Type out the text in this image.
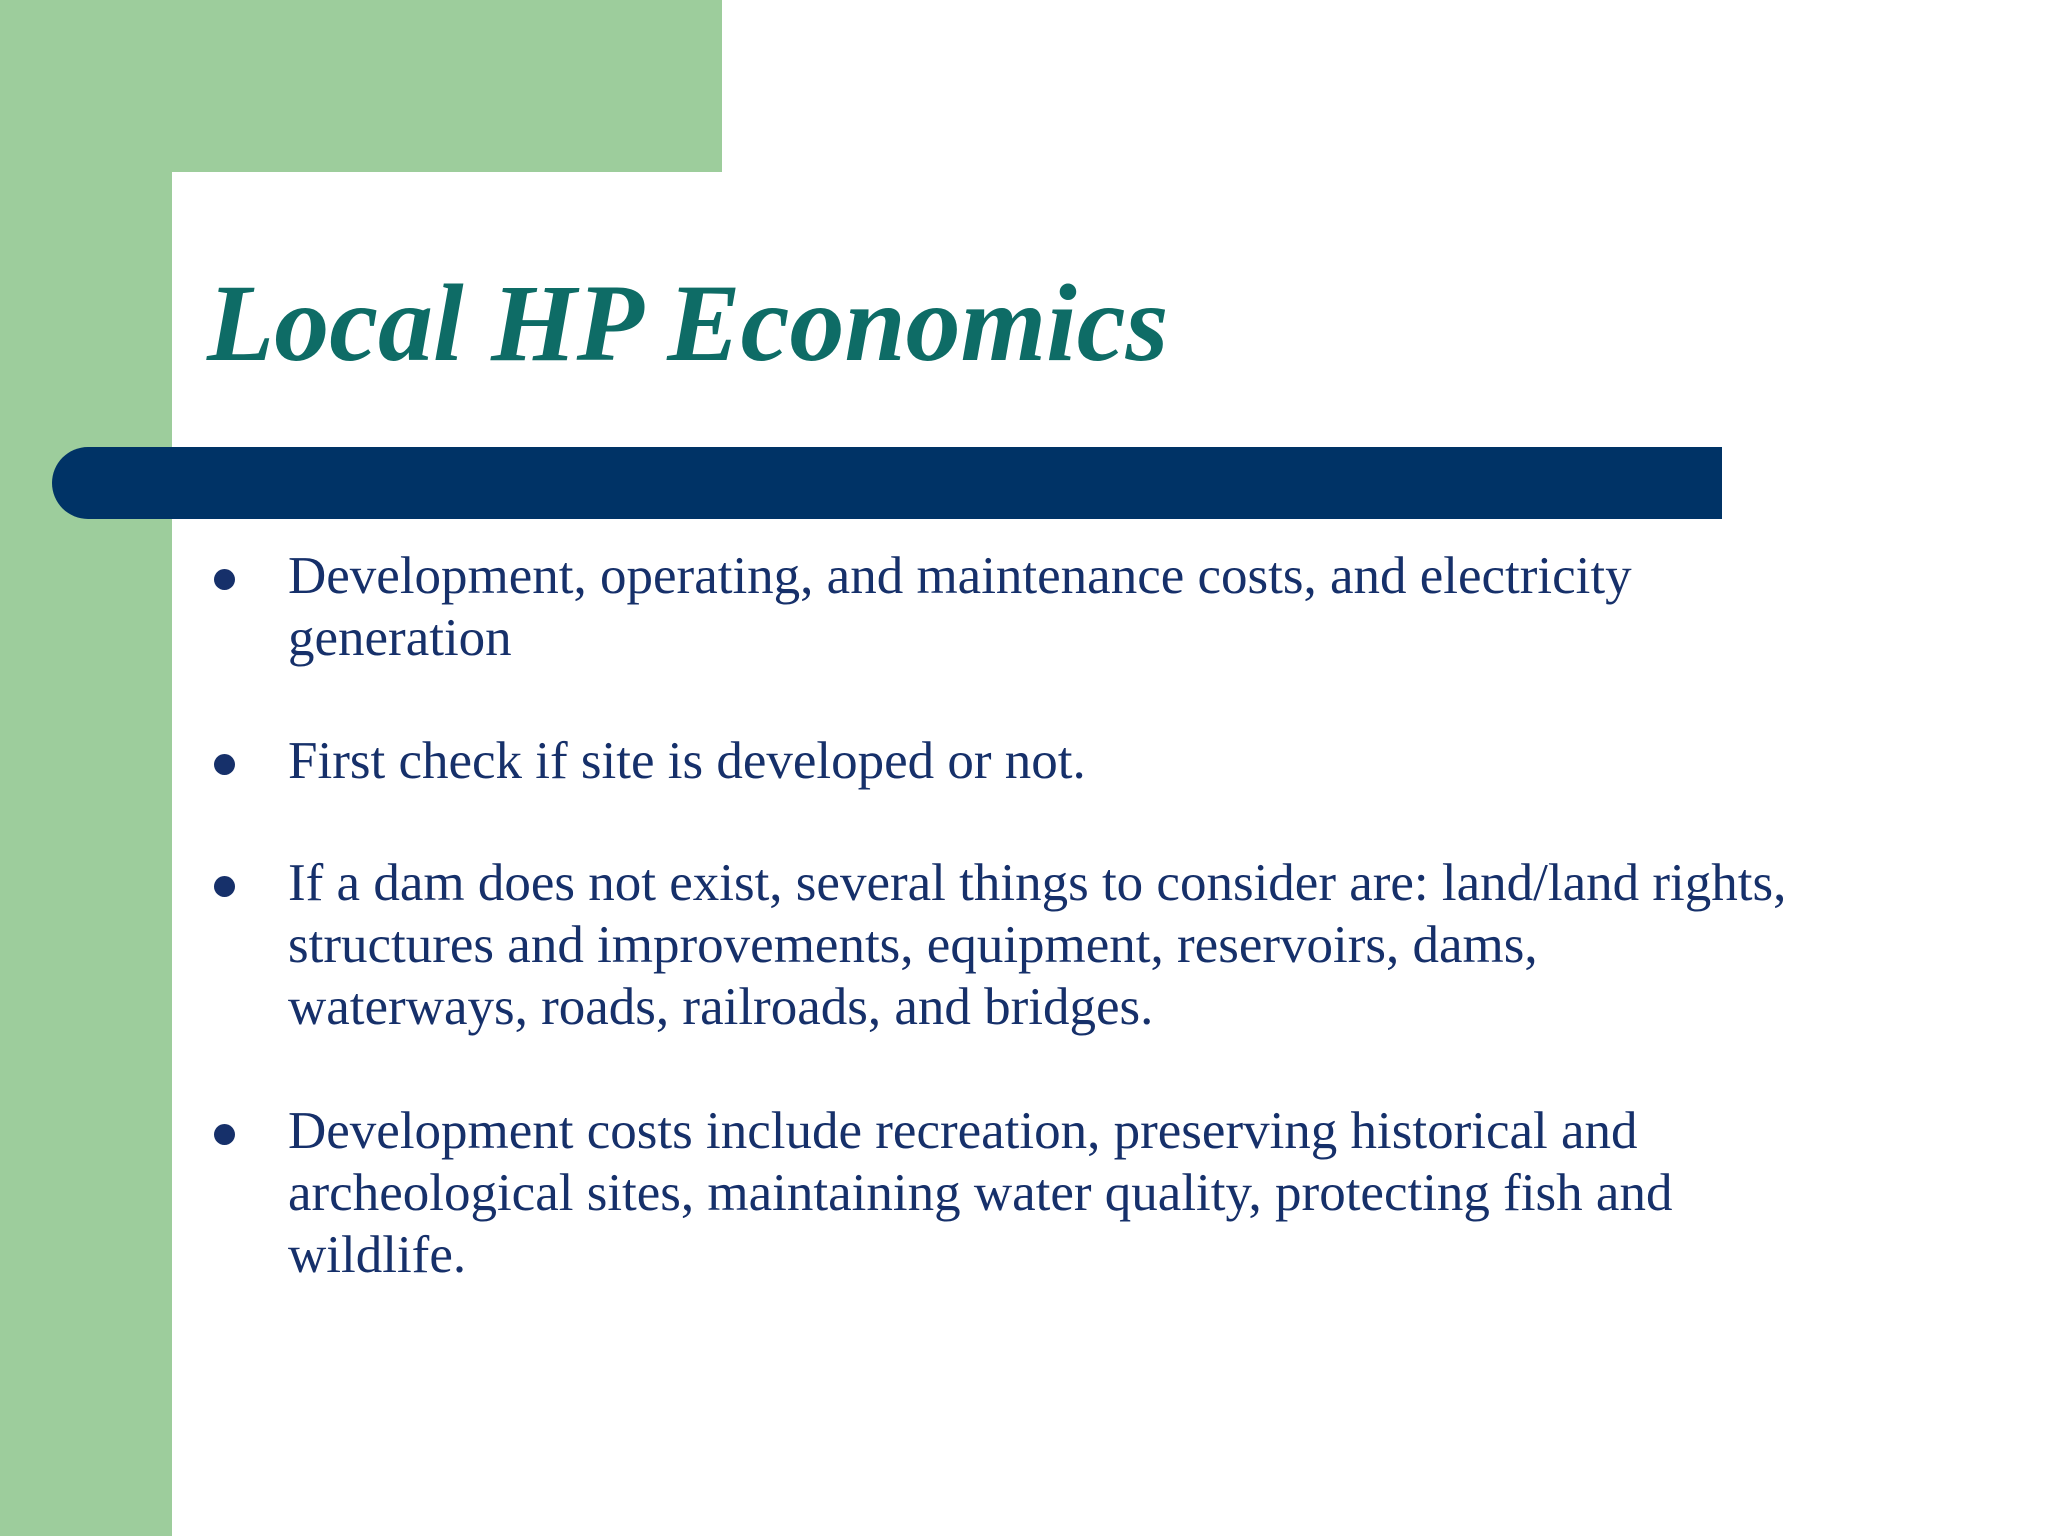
Local HP Economics
Development, operating, and maintenance costs, and electricity
generation
First check if site is developed or not.
If a dam does not exist, several things to consider are: land/land rights,
structures and improvements, equipment, reservoirs, dams,
waterways, roads, railroads, and bridges.
Development costs include recreation, preserving historical and
archeological sites, maintaining water quality, protecting fish and
wildlife.
